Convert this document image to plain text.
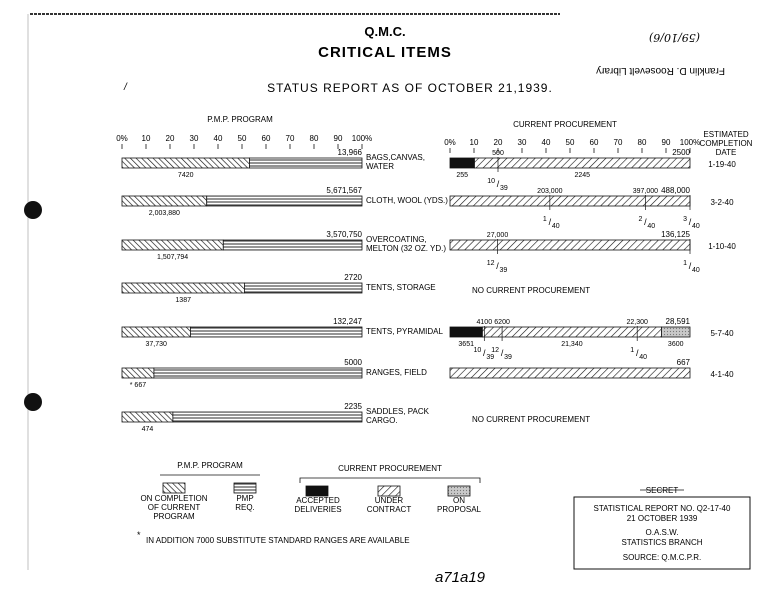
(59/10/6)
Franklin D. Roosevelt Library
Q.M.C.
CRITICAL ITEMS
STATUS REPORT AS OF OCTOBER 21,1939.
P.M.P. PROGRAM
0% 10 20 30 40 50 60 70 80 90 100%
CURRENT PROCUREMENT
0% 10 20 30 40 50 60 70 80 90 100%
ESTIMATED
COMPLETION
DATE
13,966
7420
BAGS,CANVAS,
WATER
2500
500
255	2245
10 / 39
1-19-40
5,671,567
2,003,880
CLOTH, WOOL (YDS.)
488,000
203,000	397,000
1 / 40
2 / 40
3 / 40
3-2-40
3,570,750
1,507,794
OVERCOATING,
MELTON (32 OZ. YD.)
136,125
27,000
12 / 39
1 / 40
1-10-40
2720
1387
TENTS, STORAGE	NO CURRENT PROCUREMENT
132,247
37,730
TENTS, PYRAMIDAL
28,591
4100 6200	22,300
3651	21,340	3600
10 / 39
12 / 39
1 / 40
5-7-40
5000
* 667
RANGES, FIELD
667
4-1-40
2235
474
SADDLES, PACK
CARGO.	NO CURRENT PROCUREMENT
P.M.P. PROGRAM	CURRENT PROCUREMENT
ON COMPLETION
OF CURRENT
PROGRAM
PMP
REQ.
ACCEPTED
DELIVERIES
UNDER
CONTRACT
ON
PROPOSAL
*
IN ADDITION 7000 SUBSTITUTE STANDARD RANGES ARE AVAILABLE
SECRET
STATISTICAL REPORT NO. Q2-17-40
21 OCTOBER 1939
O.A.S.W.
STATISTICS BRANCH
SOURCE: Q.M.C.P.R.
a71a19
/
